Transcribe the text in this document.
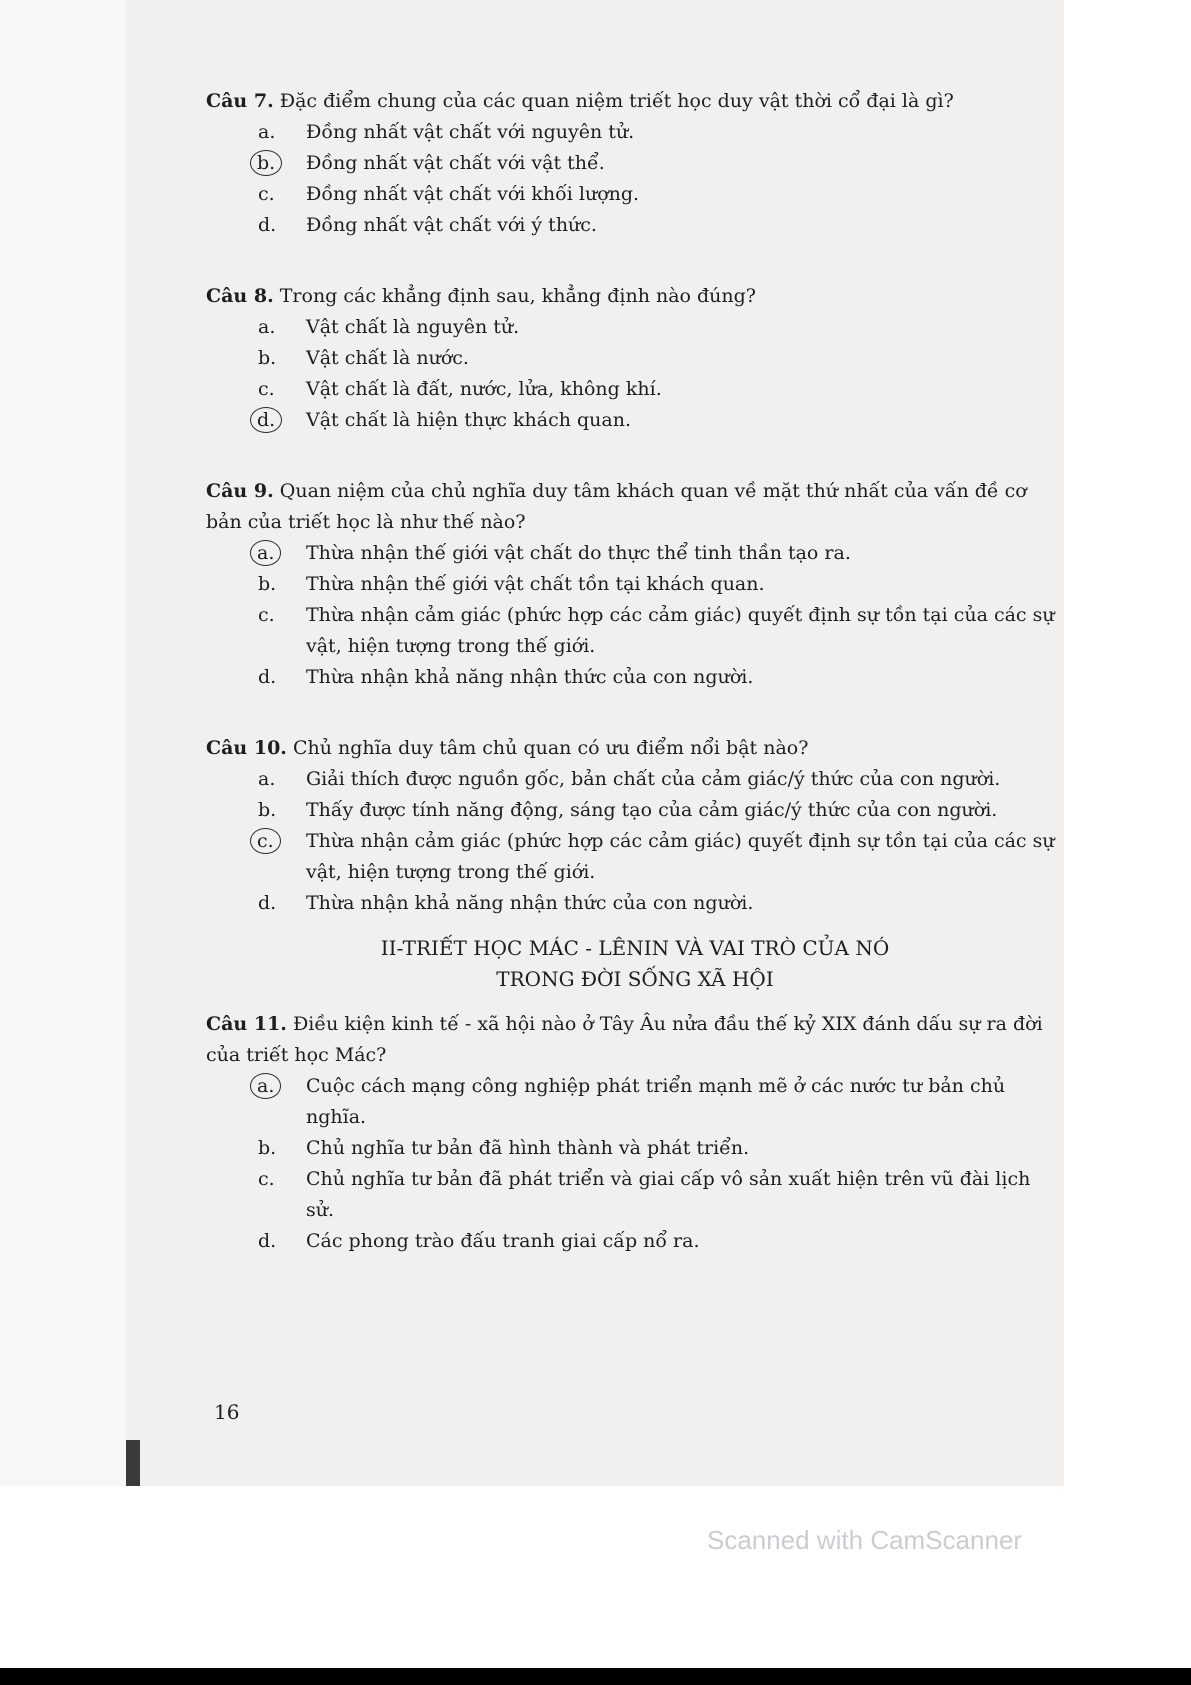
Câu 7. Đặc điểm chung của các quan niệm triết học duy vật thời cổ đại là gì?

a.	Đồng nhất vật chất với nguyên tử.
b.	Đồng nhất vật chất với vật thể.
c.	Đồng nhất vật chất với khối lượng.
d.	Đồng nhất vật chất với ý thức.

Câu 8. Trong các khẳng định sau, khẳng định nào đúng?

a.	Vật chất là nguyên tử.
b.	Vật chất là nước.
c.	Vật chất là đất, nước, lửa, không khí.
d.	Vật chất là hiện thực khách quan.

Câu 9. Quan niệm của chủ nghĩa duy tâm khách quan về mặt thứ nhất của vấn đề cơ bản của triết học là như thế nào?

a.	Thừa nhận thế giới vật chất do thực thể tinh thần tạo ra.
b.	Thừa nhận thế giới vật chất tồn tại khách quan.
c.	Thừa nhận cảm giác (phức hợp các cảm giác) quyết định sự tồn tại của các sự vật, hiện tượng trong thế giới.
d.	Thừa nhận khả năng nhận thức của con người.

Câu 10. Chủ nghĩa duy tâm chủ quan có ưu điểm nổi bật nào?

a.	Giải thích được nguồn gốc, bản chất của cảm giác/ý thức của con người.
b.	Thấy được tính năng động, sáng tạo của cảm giác/ý thức của con người.
c.	Thừa nhận cảm giác (phức hợp các cảm giác) quyết định sự tồn tại của các sự vật, hiện tượng trong thế giới.
d.	Thừa nhận khả năng nhận thức của con người.
II-TRIẾT HỌC MÁC - LÊNIN VÀ VAI TRÒ CỦA NÓ
TRONG ĐỜI SỐNG XÃ HỘI

Câu 11. Điều kiện kinh tế - xã hội nào ở Tây Âu nửa đầu thế kỷ XIX đánh dấu sự ra đời của triết học Mác?

a.	Cuộc cách mạng công nghiệp phát triển mạnh mẽ ở các nước tư bản chủ nghĩa.
b.	Chủ nghĩa tư bản đã hình thành và phát triển.
c.	Chủ nghĩa tư bản đã phát triển và giai cấp vô sản xuất hiện trên vũ đài lịch sử.
d.	Các phong trào đấu tranh giai cấp nổ ra.
16
Scanned with CamScanner
